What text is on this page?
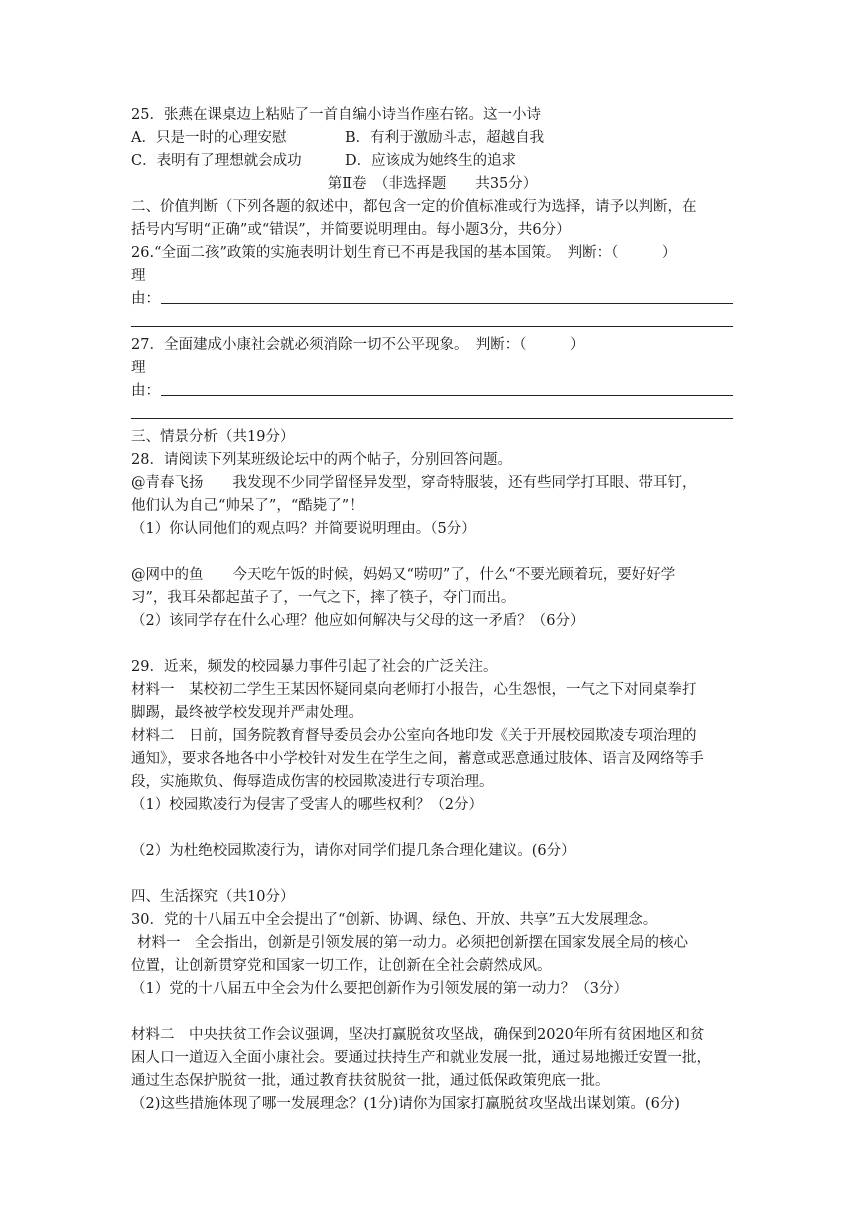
25．张燕在课桌边上粘贴了一首自编小诗当作座右铭。这一小诗
A．只是一时的心理安慰	B．有利于激励斗志，超越自我
C．表明有了理想就会成功	D．应该成为她终生的追求
第Ⅱ卷　（非选择题　　共35分）
二、价值判断（下列各题的叙述中，都包含一定的价值标准或行为选择，请予以判断，在
括号内写明“正确”或“错误”，并简要说明理由。每小题3分，共6分）
26.“全面二孩”政策的实施表明计划生育已不再是我国的基本国策。　判断：（　　　）
理
由：
27．全面建成小康社会就必须消除一切不公平现象。　判断：（　　　）
理
由：
三、情景分析（共19分）
28．请阅读下列某班级论坛中的两个帖子，分别回答问题。
@青春飞扬　　我发现不少同学留怪异发型，穿奇特服装，还有些同学打耳眼、带耳钉，
他们认为自己“帅呆了”，“酷毙了”！
（1）你认同他们的观点吗？并简要说明理由。（5分）
@网中的鱼　　今天吃午饭的时候，妈妈又“唠叨”了，什么“不要光顾着玩，要好好学
习”，我耳朵都起茧子了，一气之下，摔了筷子，夺门而出。
（2）该同学存在什么心理？他应如何解决与父母的这一矛盾？（6分）
29．近来，频发的校园暴力事件引起了社会的广泛关注。
材料一　某校初二学生王某因怀疑同桌向老师打小报告，心生怨恨，一气之下对同桌拳打
脚踢，最终被学校发现并严肃处理。
材料二　日前，国务院教育督导委员会办公室向各地印发《关于开展校园欺凌专项治理的
通知》，要求各地各中小学校针对发生在学生之间，蓄意或恶意通过肢体、语言及网络等手
段，实施欺负、侮辱造成伤害的校园欺凌进行专项治理。
（1）校园欺凌行为侵害了受害人的哪些权利？（2分）
（2）为杜绝校园欺凌行为，请你对同学们提几条合理化建议。(6分）
四、生活探究（共10分）
30．党的十八届五中全会提出了“创新、协调、绿色、开放、共享”五大发展理念。
材料一　全会指出，创新是引领发展的第一动力。必须把创新摆在国家发展全局的核心
位置，让创新贯穿党和国家一切工作，让创新在全社会蔚然成风。
（1）党的十八届五中全会为什么要把创新作为引领发展的第一动力？（3分）
材料二　中央扶贫工作会议强调，坚决打赢脱贫攻坚战，确保到2020年所有贫困地区和贫
困人口一道迈入全面小康社会。要通过扶持生产和就业发展一批，通过易地搬迁安置一批，
通过生态保护脱贫一批，通过教育扶贫脱贫一批，通过低保政策兜底一批。
（2)这些措施体现了哪一发展理念？(1分)请你为国家打赢脱贫攻坚战出谋划策。(6分)
